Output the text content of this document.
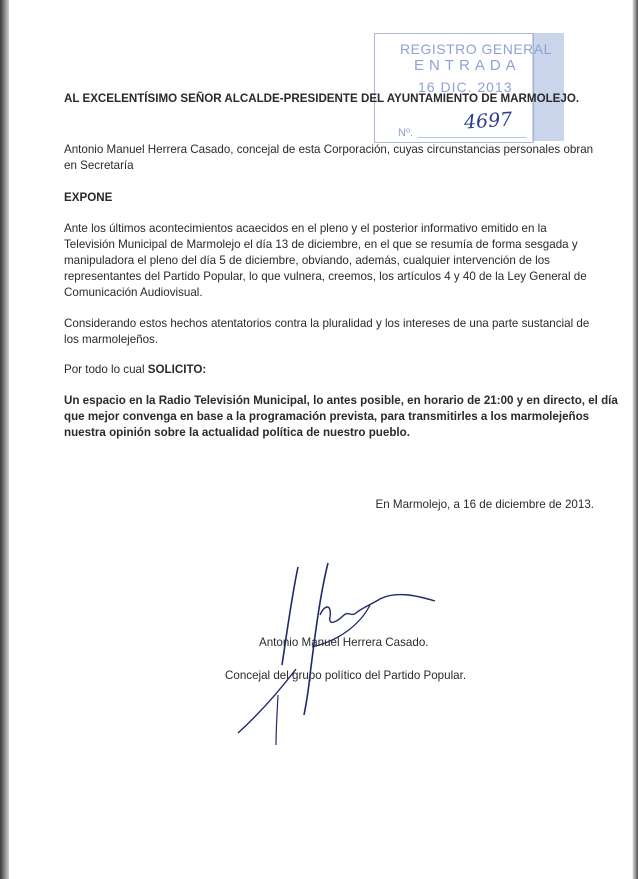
REGISTRO GENERAL
ENTRADA
16 DIC. 2013
Nº.	4697

AL EXCELENTÍSIMO SEÑOR ALCALDE-PRESIDENTE DEL AYUNTAMIENTO DE MARMOLEJO.

Antonio Manuel Herrera Casado, concejal de esta Corporación, cuyas circunstancias personales obran

en Secretaría

EXPONE

Ante los últimos acontecimientos acaecidos en el pleno y el posterior informativo emitido en la

Televisión Municipal de Marmolejo el día 13 de diciembre, en el que se resumía de forma sesgada y

manipuladora el pleno del día 5 de diciembre, obviando, además, cualquier intervención de los

representantes del Partido Popular, lo que vulnera, creemos, los artículos 4 y 40 de la Ley General de

Comunicación Audiovisual.

Considerando estos hechos atentatorios contra la pluralidad y los intereses de una parte sustancial de

los marmolejeños.

Por todo lo cual SOLICITO:

Un espacio en la Radio Televisión Municipal, lo antes posible, en horario de 21:00 y en directo, el día

que mejor convenga en base a la programación prevista, para transmitirles a los marmolejeños

nuestra opinión sobre la actualidad política de nuestro pueblo.

En Marmolejo, a 16 de diciembre de 2013.

Antonio Manuel Herrera Casado.

Concejal del grupo político del Partido Popular.
